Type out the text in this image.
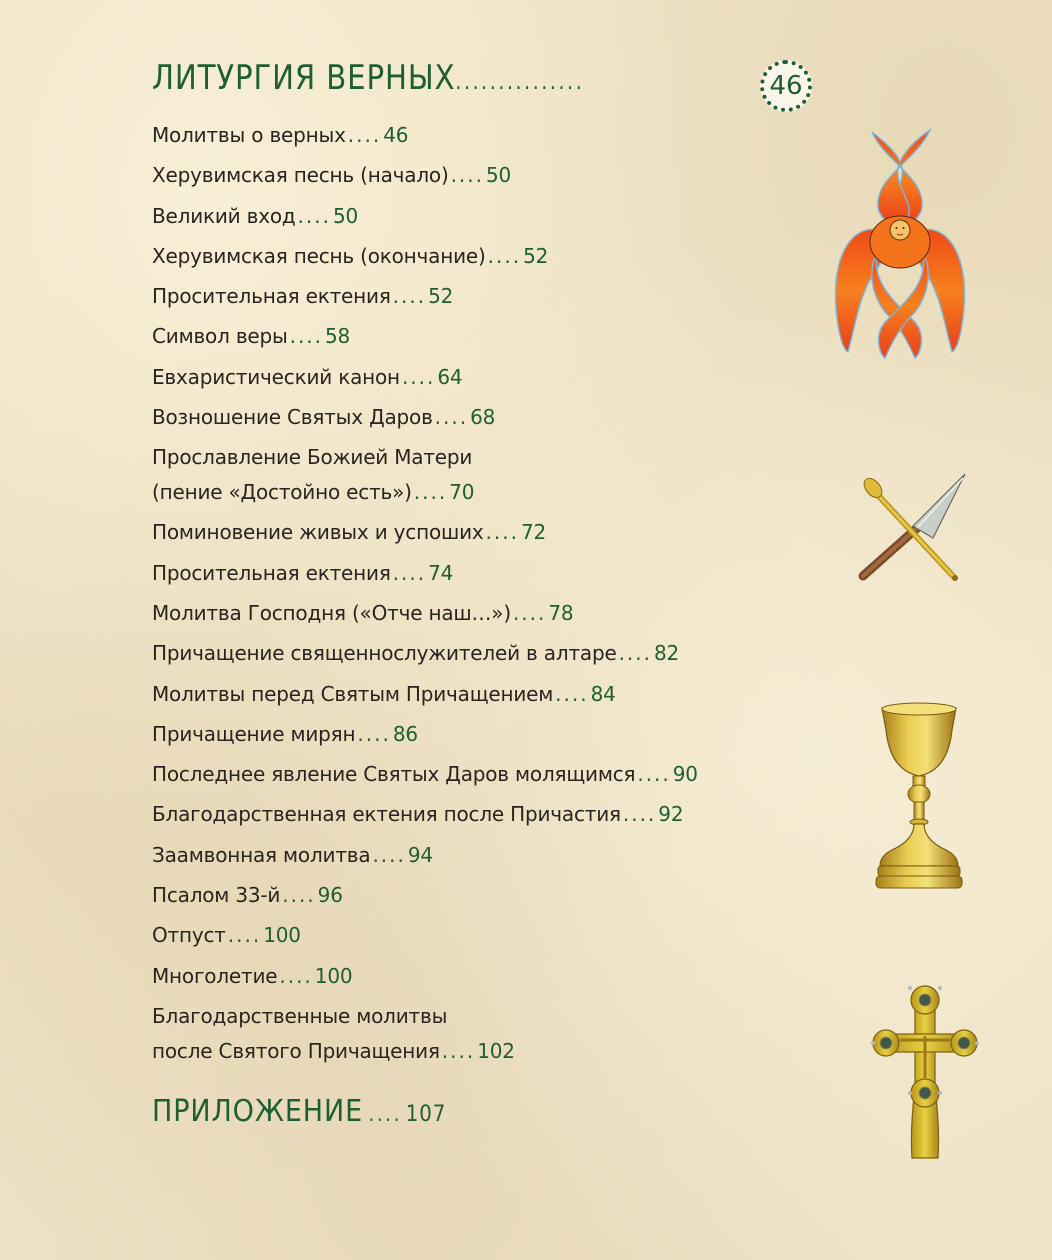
ЛИТУРГИЯ ВЕРНЫХ...............	46
Молитвы о верных .... 46
Херувимская песнь (начало) .... 50
Великий вход .... 50
Херувимская песнь (окончание) .... 52
Просительная ектения .... 52
Символ веры .... 58
Евхаристический канон .... 64
Возношение Святых Даров .... 68
Прославление Божией Матери
(пение «Достойно есть») .... 70
Поминовение живых и успоших .... 72
Просительная ектения .... 74
Молитва Господня («Отче наш…») .... 78
Причащение священнослужителей в алтаре .... 82
Молитвы перед Святым Причащением .... 84
Причащение мирян .... 86
Последнее явление Святых Даров молящимся .... 90
Благодарственная ектения после Причастия .... 92
Заамвонная молитва .... 94
Псалом 33-й .... 96
Отпуст .... 100
Многолетие .... 100
Благодарственные молитвы
после Святого Причащения .... 102
ПРИЛОЖЕНИЕ .... 107
